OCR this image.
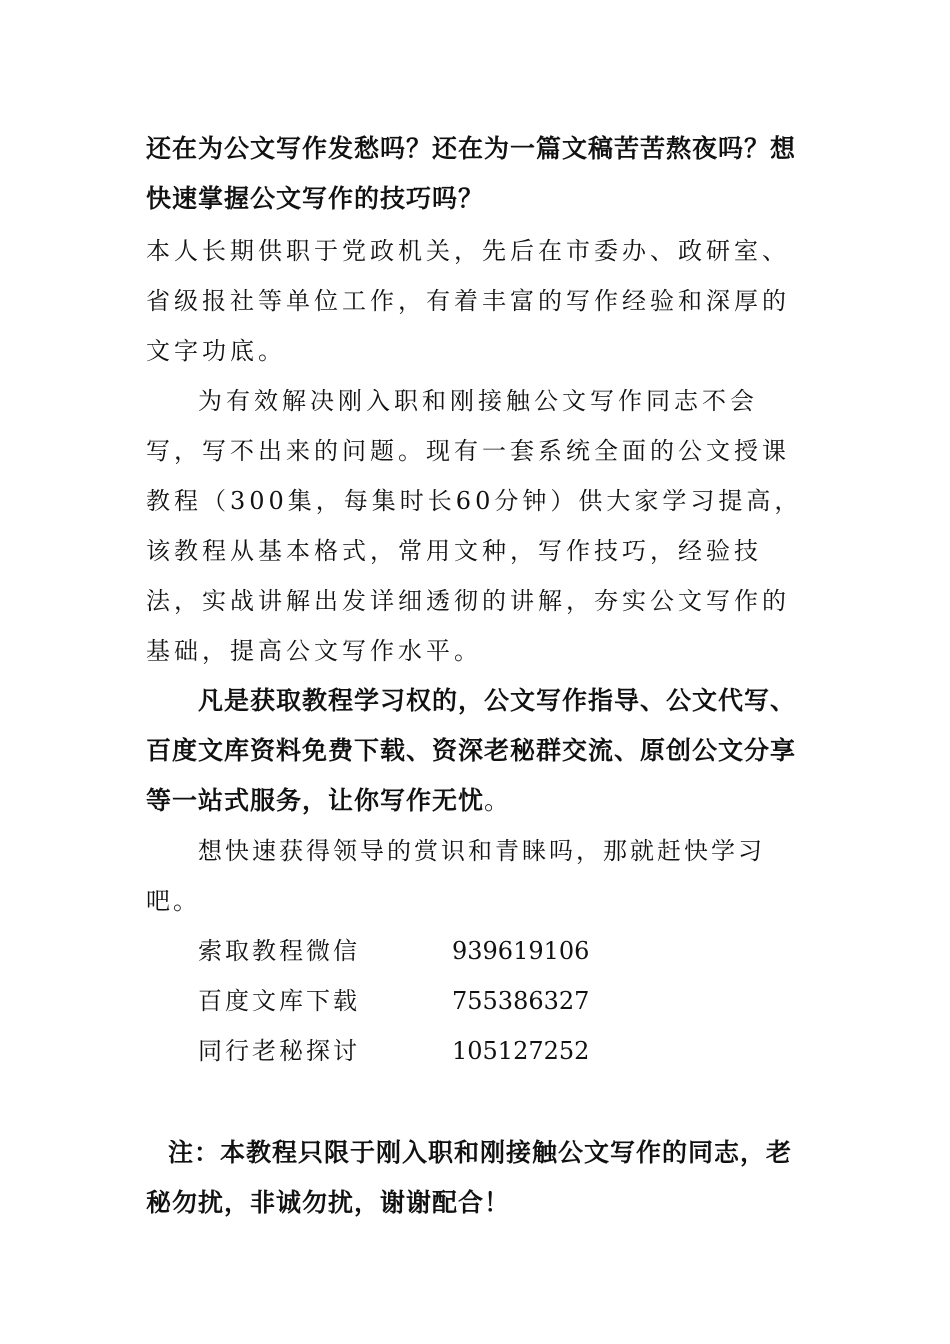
还在为公文写作发愁吗？还在为一篇文稿苦苦熬夜吗？想快速掌握公文写作的技巧吗？

本人长期供职于党政机关，先后在市委办、政研室、省级报社等单位工作，有着丰富的写作经验和深厚的文字功底。

为有效解决刚入职和刚接触公文写作同志不会写，写不出来的问题。现有一套系统全面的公文授课教程（300集，每集时长60分钟）供大家学习提高，该教程从基本格式，常用文种，写作技巧，经验技法，实战讲解出发详细透彻的讲解，夯实公文写作的基础，提高公文写作水平。

凡是获取教程学习权的，公文写作指导、公文代写、百度文库资料免费下载、资深老秘群交流、原创公文分享等一站式服务，让你写作无忧。

想快速获得领导的赏识和青睐吗，那就赶快学习吧。

索取教程微信	939619106
百度文库下载	755386327
同行老秘探讨	105127252

注：本教程只限于刚入职和刚接触公文写作的同志，老秘勿扰，非诚勿扰，谢谢配合！
